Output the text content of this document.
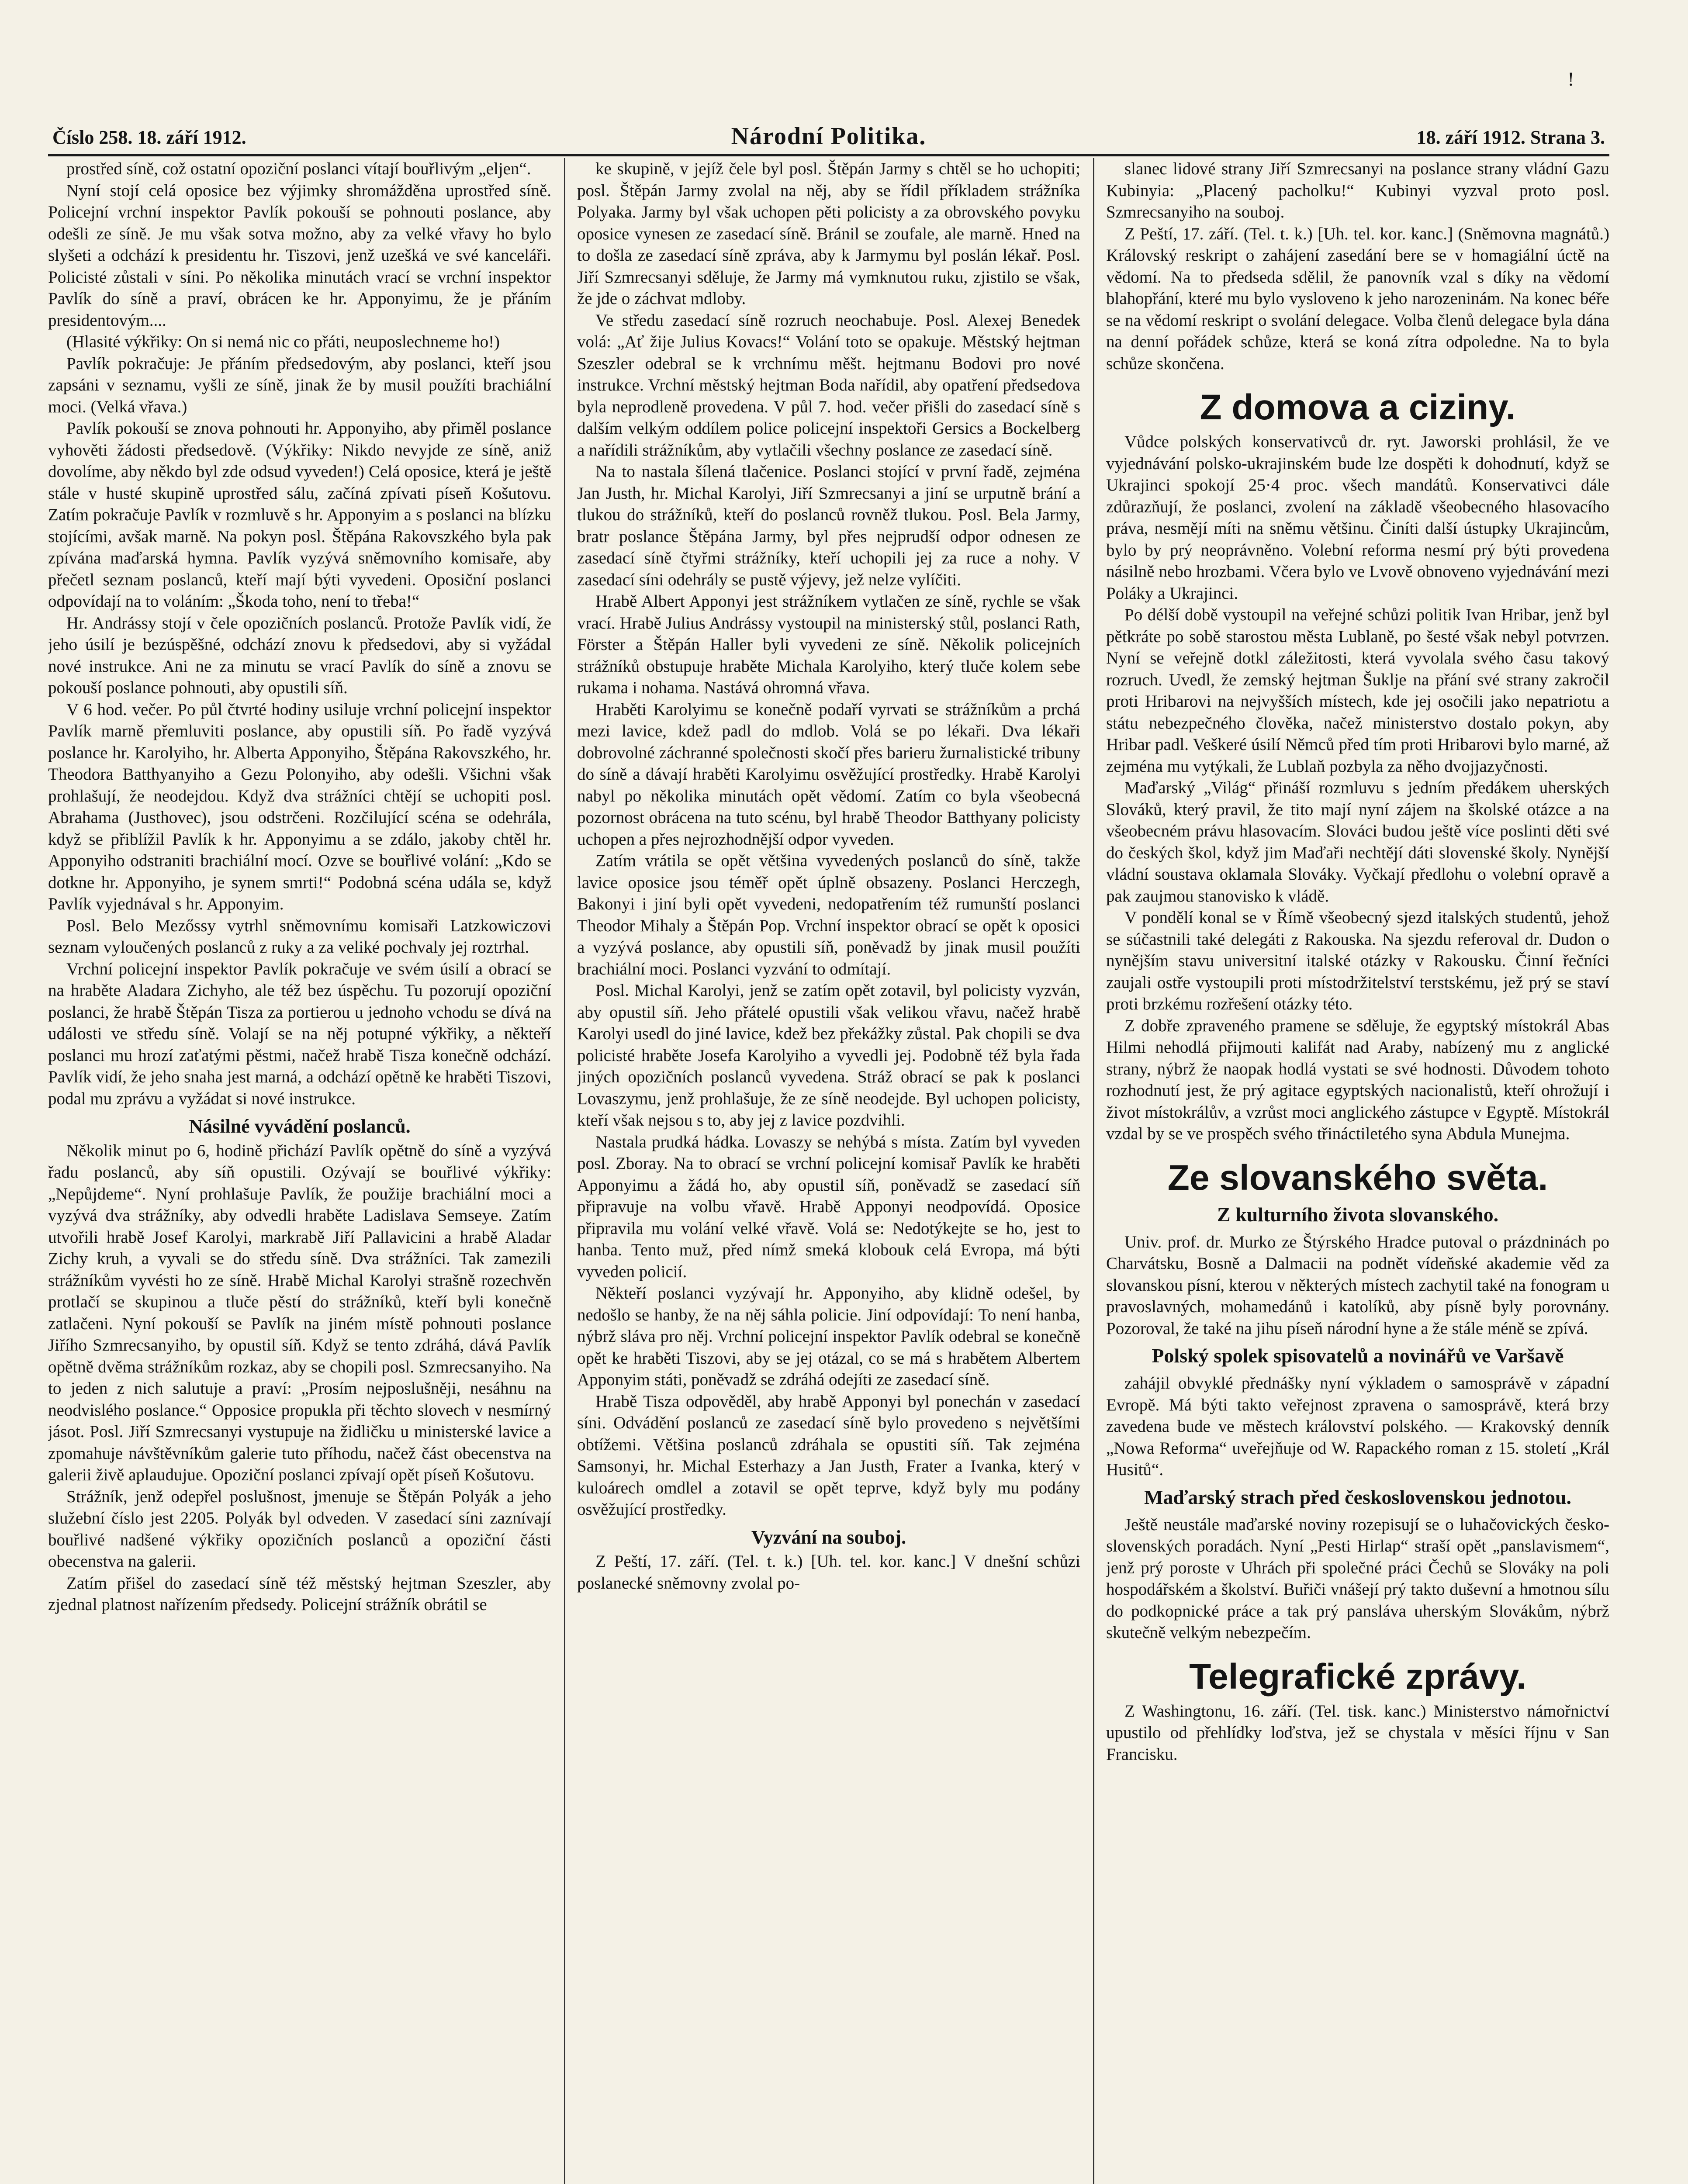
!
Číslo 258. 18. září 1912.	Národní Politika.	18. září 1912. Strana 3.

prostřed síně, což ostatní opoziční poslanci vítají bouřlivým „eljen“.

Nyní stojí celá oposice bez výjimky shromážděna uprostřed síně. Policejní vrchní inspektor Pavlík pokouší se pohnouti poslance, aby odešli ze síně. Je mu však sotva možno, aby za velké vřavy ho bylo slyšeti a odchází k presidentu hr. Tiszovi, jenž uzešká ve své kanceláři. Policisté zůstali v síni. Po několika minutách vrací se vrchní inspektor Pavlík do síně a praví, obrácen ke hr. Apponyimu, že je přáním presidentovým....

(Hlasité výkřiky: On si nemá nic co přáti, neuposlechneme ho!)

Pavlík pokračuje: Je přáním předsedovým, aby poslanci, kteří jsou zapsáni v seznamu, vyšli ze síně, jinak že by musil použíti brachiální moci. (Velká vřava.)

Pavlík pokouší se znova pohnouti hr. Apponyiho, aby přiměl poslance vyhověti žádosti předsedově. (Výkřiky: Nikdo nevyjde ze síně, aniž dovolíme, aby někdo byl zde odsud vyveden!) Celá oposice, která je ještě stále v husté skupině uprostřed sálu, začíná zpívati píseň Košutovu. Zatím pokračuje Pavlík v rozmluvě s hr. Apponyim a s poslanci na blízku stojícími, avšak marně. Na pokyn posl. Štěpána Rakovszkého byla pak zpívána maďarská hymna. Pavlík vyzývá sněmovního komisaře, aby přečetl seznam poslanců, kteří mají býti vyvedeni. Oposiční poslanci odpovídají na to voláním: „Škoda toho, není to třeba!“

Hr. Andrássy stojí v čele opozičních poslanců. Protože Pavlík vidí, že jeho úsilí je bezúspěšné, odchází znovu k předsedovi, aby si vyžádal nové instrukce. Ani ne za minutu se vrací Pavlík do síně a znovu se pokouší poslance pohnouti, aby opustili síň.

V 6 hod. večer. Po půl čtvrté hodiny usiluje vrchní policejní inspektor Pavlík marně přemluviti poslance, aby opustili síň. Po řadě vyzývá poslance hr. Karolyiho, hr. Alberta Apponyiho, Štěpána Rakovszkého, hr. Theodora Batthyanyiho a Gezu Polonyiho, aby odešli. Všichni však prohlašují, že neodejdou. Když dva strážníci chtějí se uchopiti posl. Abrahama (Justhovec), jsou odstrčeni. Rozčilující scéna se odehrála, když se přiblížil Pavlík k hr. Apponyimu a se zdálo, jakoby chtěl hr. Apponyiho odstraniti brachiální mocí. Ozve se bouřlivé volání: „Kdo se dotkne hr. Apponyiho, je synem smrti!“ Podobná scéna udála se, když Pavlík vyjednával s hr. Apponyim.

Posl. Belo Mezőssy vytrhl sněmovnímu komisaři Latzkowiczovi seznam vyloučených poslanců z ruky a za veliké pochvaly jej roztrhal.

Vrchní policejní inspektor Pavlík pokračuje ve svém úsilí a obrací se na hraběte Aladara Zichyho, ale též bez úspěchu. Tu pozorují opoziční poslanci, že hrabě Štěpán Tisza za portierou u jednoho vchodu se dívá na události ve středu síně. Volají se na něj potupné výkřiky, a někteří poslanci mu hrozí zaťatými pěstmi, načež hrabě Tisza konečně odchází. Pavlík vidí, že jeho snaha jest marná, a odchází opětně ke hraběti Tiszovi, podal mu zprávu a vyžádat si nové instrukce.

Násilné vyvádění poslanců.

Několik minut po 6, hodině přichází Pavlík opětně do síně a vyzývá řadu poslanců, aby síň opustili. Ozývají se bouřlivé výkřiky: „Nepůjdeme“. Nyní prohlašuje Pavlík, že použije brachiální moci a vyzývá dva strážníky, aby odvedli hraběte Ladislava Semseye. Zatím utvořili hrabě Josef Karolyi, markrabě Jiří Pallavicini a hrabě Aladar Zichy kruh, a vyvali se do středu síně. Dva strážníci. Tak zamezili strážníkům vyvésti ho ze síně. Hrabě Michal Karolyi strašně rozechvěn protlačí se skupinou a tluče pěstí do strážníků, kteří byli konečně zatlačeni. Nyní pokouší se Pavlík na jiném místě pohnouti poslance Jiřího Szmrecsanyiho, by opustil síň. Když se tento zdráhá, dává Pavlík opětně dvěma strážníkům rozkaz, aby se chopili posl. Szmrecsanyiho. Na to jeden z nich salutuje a praví: „Prosím nejposlušněji, nesáhnu na neodvislého poslance.“ Opposice propukla při těchto slovech v nesmírný jásot. Posl. Jiří Szmrecsanyi vystupuje na židličku u ministerské lavice a zpomahuje návštěvníkům galerie tuto příhodu, načež část obecenstva na galerii živě aplaudujue. Opoziční poslanci zpívají opět píseň Košutovu.

Strážník, jenž odepřel poslušnost, jmenuje se Štěpán Polyák a jeho služební číslo jest 2205. Polyák byl odveden. V zasedací síni zaznívají bouřlivé nadšené výkřiky opozičních poslanců a opoziční části obecenstva na galerii.

Zatím přišel do zasedací síně též městský hejtman Szeszler, aby zjednal platnost nařízením předsedy. Policejní strážník obrátil se

ke skupině, v jejíž čele byl posl. Štěpán Jarmy s chtěl se ho uchopiti; posl. Štěpán Jarmy zvolal na něj, aby se řídil příkladem strážníka Polyaka. Jarmy byl však uchopen pěti policisty a za obrovského povyku oposice vynesen ze zasedací síně. Bránil se zoufale, ale marně. Hned na to došla ze zasedací síně zpráva, aby k Jarmymu byl poslán lékař. Posl. Jiří Szmrecsanyi sděluje, že Jarmy má vymknutou ruku, zjistilo se však, že jde o záchvat mdloby.

Ve středu zasedací síně rozruch neochabuje. Posl. Alexej Benedek volá: „Ať žije Julius Kovacs!“ Volání toto se opakuje. Městský hejtman Szeszler odebral se k vrchnímu měšt. hejtmanu Bodovi pro nové instrukce. Vrchní městský hejtman Boda nařídil, aby opatření předsedova byla neprodleně provedena. V půl 7. hod. večer přišli do zasedací síně s dalším velkým oddílem police policejní inspektoři Gersics a Bockelberg a nařídili strážníkům, aby vytlačili všechny poslance ze zasedací síně.

Na to nastala šílená tlačenice. Poslanci stojící v první řadě, zejména Jan Justh, hr. Michal Karolyi, Jiří Szmrecsanyi a jiní se urputně brání a tlukou do strážníků, kteří do poslanců rovněž tlukou. Posl. Bela Jarmy, bratr poslance Štěpána Jarmy, byl přes nejprudší odpor odnesen ze zasedací síně čtyřmi strážníky, kteří uchopili jej za ruce a nohy. V zasedací síni odehrály se pustě výjevy, jež nelze vylíčiti.

Hrabě Albert Apponyi jest strážníkem vytlačen ze síně, rychle se však vrací. Hrabě Julius Andrássy vystoupil na ministerský stůl, poslanci Rath, Förster a Štěpán Haller byli vyvedeni ze síně. Několik policejních strážníků obstupuje hraběte Michala Karolyiho, který tluče kolem sebe rukama i nohama. Nastává ohromná vřava.

Hraběti Karolyimu se konečně podaří vyrvati se strážníkům a prchá mezi lavice, kdež padl do mdlob. Volá se po lékaři. Dva lékaři dobrovolné záchranné společnosti skočí přes barieru žurnalistické tribuny do síně a dávají hraběti Karolyimu osvěžující prostředky. Hrabě Karolyi nabyl po několika minutách opět vědomí. Zatím co byla všeobecná pozornost obrácena na tuto scénu, byl hrabě Theodor Batthyany policisty uchopen a přes nejrozhodnější odpor vyveden.

Zatím vrátila se opět většina vyvedených poslanců do síně, takže lavice oposice jsou téměř opět úplně obsazeny. Poslanci Herczegh, Bakonyi i jiní byli opět vyvedeni, nedopatřením též rumunští poslanci Theodor Mihaly a Štěpán Pop. Vrchní inspektor obrací se opět k oposici a vyzývá poslance, aby opustili síň, poněvadž by jinak musil použíti brachiální moci. Poslanci vyzvání to odmítají.

Posl. Michal Karolyi, jenž se zatím opět zotavil, byl policisty vyzván, aby opustil síň. Jeho přátelé opustili však velikou vřavu, načež hrabě Karolyi usedl do jiné lavice, kdež bez překážky zůstal. Pak chopili se dva policisté hraběte Josefa Karolyiho a vyvedli jej. Podobně též byla řada jiných opozičních poslanců vyvedena. Stráž obrací se pak k poslanci Lovaszymu, jenž prohlašuje, že ze síně neodejde. Byl uchopen policisty, kteří však nejsou s to, aby jej z lavice pozdvihli.

Nastala prudká hádka. Lovaszy se nehýbá s místa. Zatím byl vyveden posl. Zboray. Na to obrací se vrchní policejní komisař Pavlík ke hraběti Apponyimu a žádá ho, aby opustil síň, poněvadž se zasedací síň připravuje na volbu vřavě. Hrabě Apponyi neodpovídá. Oposice připravila mu volání velké vřavě. Volá se: Nedotýkejte se ho, jest to hanba. Tento muž, před nímž smeká klobouk celá Evropa, má býti vyveden policií.

Někteří poslanci vyzývají hr. Apponyiho, aby klidně odešel, by nedošlo se hanby, že na něj sáhla policie. Jiní odpovídají: To není hanba, nýbrž sláva pro něj. Vrchní policejní inspektor Pavlík odebral se konečně opět ke hraběti Tiszovi, aby se jej otázal, co se má s hrabětem Albertem Apponyim státi, poněvadž se zdráhá odejíti ze zasedací síně.

Hrabě Tisza odpověděl, aby hrabě Apponyi byl ponechán v zasedací síni. Odvádění poslanců ze zasedací síně bylo provedeno s největšími obtížemi. Většina poslanců zdráhala se opustiti síň. Tak zejména Samsonyi, hr. Michal Esterhazy a Jan Justh, Frater a Ivanka, který v kuloárech omdlel a zotavil se opět teprve, když byly mu podány osvěžující prostředky.

Vyzvání na souboj.

Z Peští, 17. září. (Tel. t. k.) [Uh. tel. kor. kanc.] V dnešní schůzi poslanecké sněmovny zvolal po-

slanec lidové strany Jiří Szmrecsanyi na poslance strany vládní Gazu Kubinyia: „Placený pacholku!“ Kubinyi vyzval proto posl. Szmrecsanyiho na souboj.

Z Peští, 17. září. (Tel. t. k.) [Uh. tel. kor. kanc.] (Sněmovna magnátů.) Královský reskript o zahájení zasedání bere se v homagiální úctě na vědomí. Na to předseda sdělil, že panovník vzal s díky na vědomí blahopřání, které mu bylo vysloveno k jeho narozeninám. Na konec béře se na vědomí reskript o svolání delegace. Volba členů delegace byla dána na denní pořádek schůze, která se koná zítra odpoledne. Na to byla schůze skončena.

Z domova a ciziny.

Vůdce polských konservativců dr. ryt. Jaworski prohlásil, že ve vyjednávání polsko-ukrajinském bude lze dospěti k dohodnutí, když se Ukrajinci spokojí 25·4 proc. všech mandátů. Konservativci dále zdůrazňují, že poslanci, zvolení na základě všeobecného hlasovacího práva, nesmějí míti na sněmu většinu. Činíti další ústupky Ukrajincům, bylo by prý neoprávněno. Volební reforma nesmí prý býti provedena násilně nebo hrozbami. Včera bylo ve Lvově obnoveno vyjednávání mezi Poláky a Ukrajinci.

Po délší době vystoupil na veřejné schůzi politik Ivan Hribar, jenž byl pětkráte po sobě starostou města Lublaně, po šesté však nebyl potvrzen. Nyní se veřejně dotkl záležitosti, která vyvolala svého času takový rozruch. Uvedl, že zemský hejtman Šuklje na přání své strany zakročil proti Hribarovi na nejvyšších místech, kde jej osočili jako nepatriotu a státu nebezpečného člověka, načež ministerstvo dostalo pokyn, aby Hribar padl. Veškeré úsilí Němců před tím proti Hribarovi bylo marné, až zejména mu vytýkali, že Lublaň pozbyla za něho dvojjazyčnosti.

Maďarský „Világ“ přináší rozmluvu s jedním předákem uherských Slováků, který pravil, že tito mají nyní zájem na školské otázce a na všeobecném právu hlasovacím. Slováci budou ještě více poslinti děti své do českých škol, když jim Maďaři nechtějí dáti slovenské školy. Nynější vládní soustava oklamala Slováky. Vyčkají předlohu o volební opravě a pak zaujmou stanovisko k vládě.

V pondělí konal se v Římě všeobecný sjezd italských studentů, jehož se súčastnili také delegáti z Rakouska. Na sjezdu referoval dr. Dudon o nynějším stavu universitní italské otázky v Rakousku. Činní řečníci zaujali ostře vystoupili proti místodržitelství terstskému, jež prý se staví proti brzkému rozřešení otázky této.

Z dobře zpraveného pramene se sděluje, že egyptský místokrál Abas Hilmi nehodlá přijmouti kalifát nad Araby, nabízený mu z anglické strany, nýbrž že naopak hodlá vystati se své hodnosti. Důvodem tohoto rozhodnutí jest, že prý agitace egyptských nacionalistů, kteří ohrožují i život místokrálův, a vzrůst moci anglického zástupce v Egyptě. Místokrál vzdal by se ve prospěch svého třináctiletého syna Abdula Munejma.

Ze slovanského světa.

Z kulturního života slovanského.

Univ. prof. dr. Murko ze Štýrského Hradce putoval o prázdninách po Charvátsku, Bosně a Dalmacii na podnět vídeňské akademie věd za slovanskou písní, kterou v některých místech zachytil také na fonogram u pravoslavných, mohamedánů i katolíků, aby písně byly porovnány. Pozoroval, že také na jihu píseň národní hyne a že stále méně se zpívá.

Polský spolek spisovatelů a novinářů ve Varšavě

zahájil obvyklé přednášky nyní výkladem o samosprávě v západní Evropě. Má býti takto veřejnost zpravena o samosprávě, která brzy zavedena bude ve městech království polského. — Krakovský denník „Nowa Reforma“ uveřejňuje od W. Rapackého roman z 15. století „Král Husitů“.

Maďarský strach před československou jednotou.

Ještě neustále maďarské noviny rozepisují se o luhačovických česko-slovenských poradách. Nyní „Pesti Hirlap“ straší opět „panslavismem“, jenž prý porostе v Uhrách při společné práci Čechů se Slováky na poli hospodářském a školství. Buřiči vnášejí prý takto duševní a hmotnou sílu do podkopnické práce a tak prý pansláva uherským Slovákům, nýbrž skutečně velkým nebezpečím.

Telegrafické zprávy.

Z Washingtonu, 16. září. (Tel. tisk. kanc.) Ministerstvo námořnictví upustilo od přehlídky loďstva, jež se chystala v měsíci říjnu v San Francisku.
